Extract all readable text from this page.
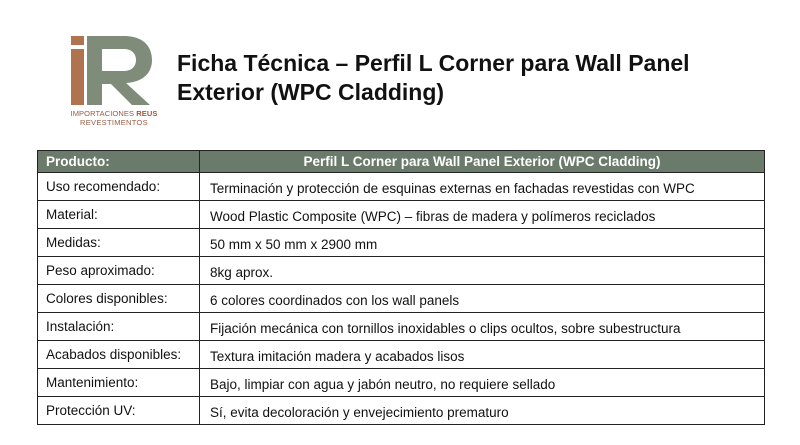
IMPORTACIONES REUS
REVESTIMENTOS
Ficha Técnica – Perfil L Corner para Wall Panel Exterior (WPC Cladding)
Producto:	Perfil L Corner para Wall Panel Exterior (WPC Cladding)
Uso recomendado:	Terminación y protección de esquinas externas en fachadas revestidas con WPC
Material:	Wood Plastic Composite (WPC) – fibras de madera y polímeros reciclados
Medidas:	50 mm x 50 mm x 2900 mm
Peso aproximado:	8kg aprox.
Colores disponibles:	6 colores coordinados con los wall panels
Instalación:	Fijación mecánica con tornillos inoxidables o clips ocultos, sobre subestructura
Acabados disponibles:	Textura imitación madera y acabados lisos
Mantenimiento:	Bajo, limpiar con agua y jabón neutro, no requiere sellado
Protección UV:	Sí, evita decoloración y envejecimiento prematuro
